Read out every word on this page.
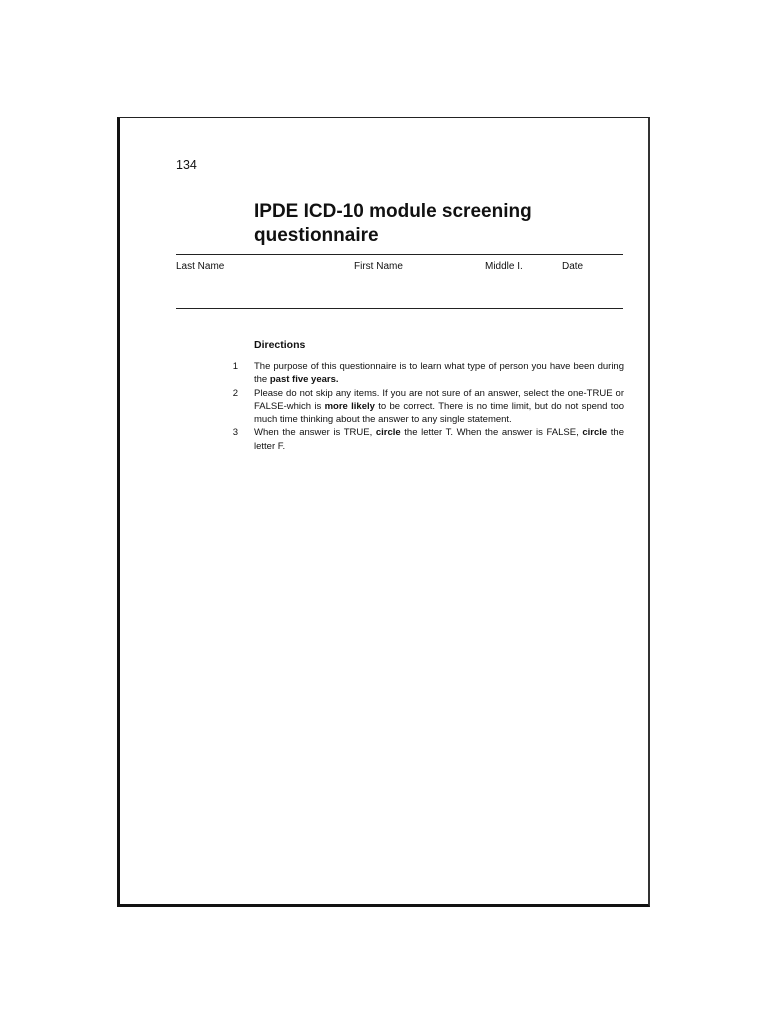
134
IPDE ICD-10 module screening
questionnaire
Last Name	First Name	Middle I.	Date
Directions
1 The purpose of this questionnaire is to learn what type of person you have been during the past five years.
2 Please do not skip any items. If you are not sure of an answer, select the one-TRUE or FALSE-which is more likely to be correct. There is no time limit, but do not spend too much time thinking about the answer to any single statement.
3 When the answer is TRUE, circle the letter T. When the answer is FALSE, circle the letter F.
